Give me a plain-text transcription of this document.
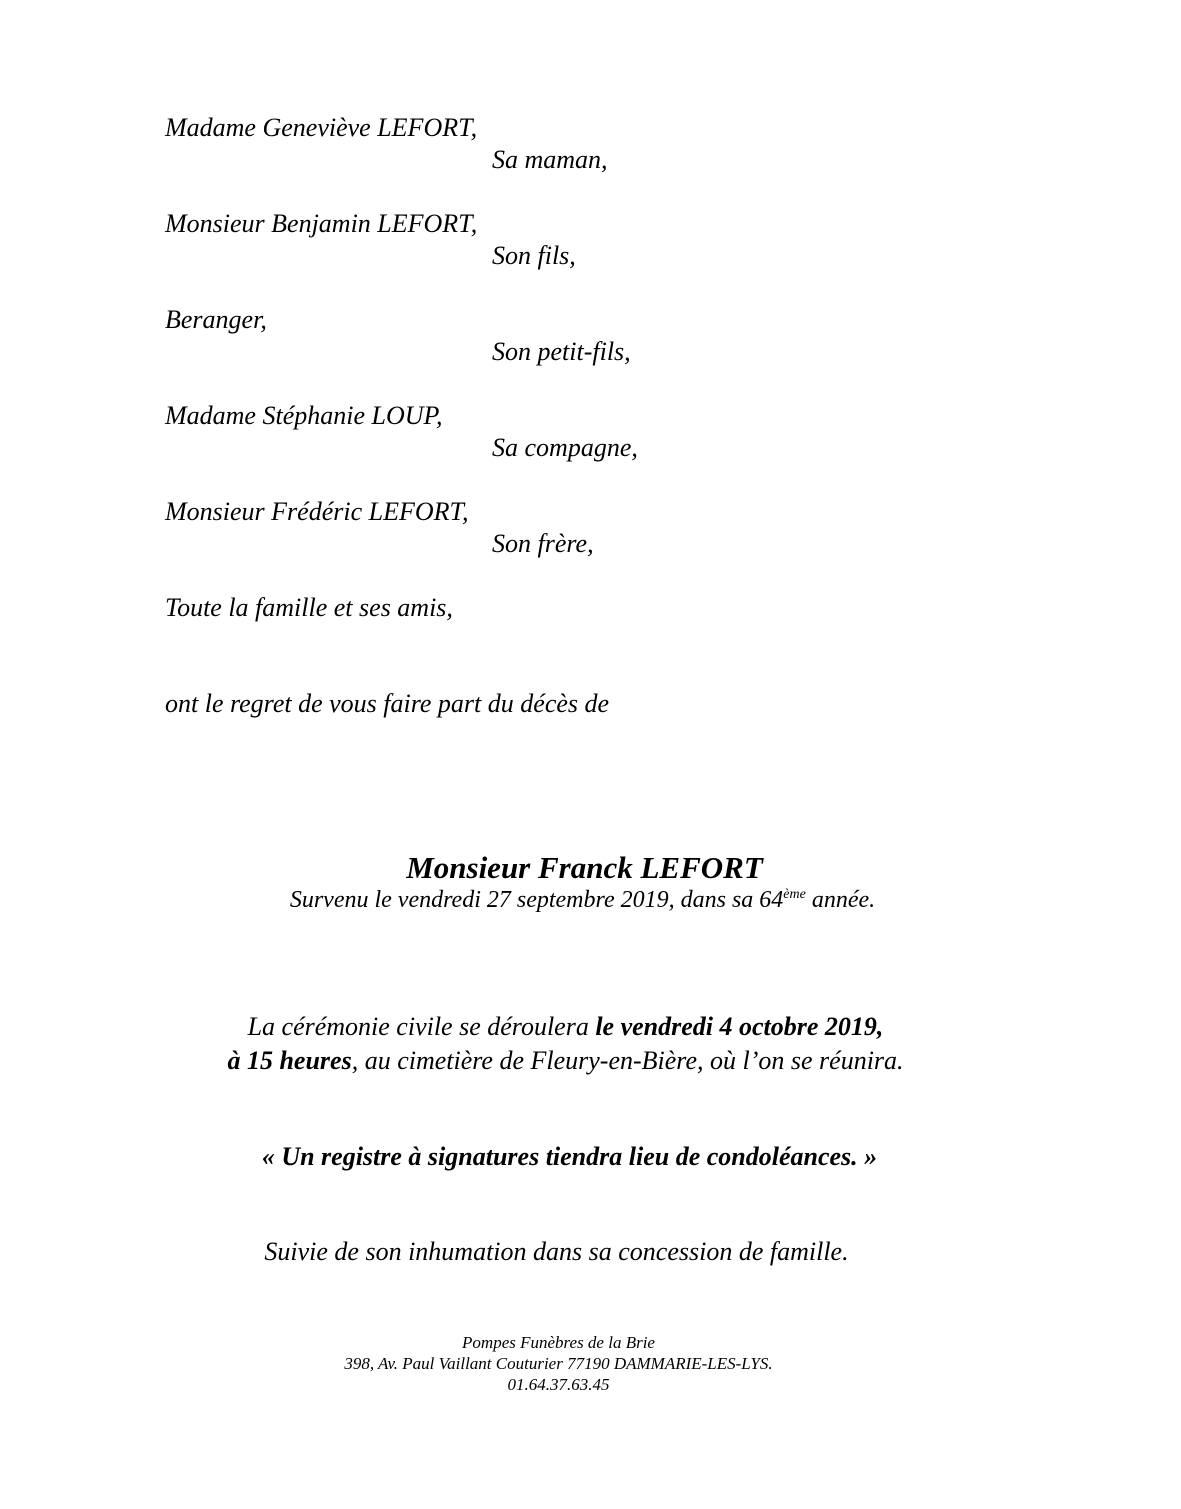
Madame Geneviève LEFORT,
Sa maman,
Monsieur Benjamin LEFORT,
Son fils,
Beranger,
Son petit-fils,
Madame Stéphanie LOUP,
Sa compagne,
Monsieur Frédéric LEFORT,
Son frère,
Toute la famille et ses amis,
ont le regret de vous faire part du décès de
Monsieur Franck LEFORT
Survenu le vendredi 27 septembre 2019, dans sa 64ème année.
La cérémonie civile se déroulera le vendredi 4 octobre 2019,
à 15 heures, au cimetière de Fleury-en-Bière, où l’on se réunira.
« Un registre à signatures tiendra lieu de condoléances. »
Suivie de son inhumation dans sa concession de famille.
Pompes Funèbres de la Brie
398, Av. Paul Vaillant Couturier 77190 DAMMARIE-LES-LYS.
01.64.37.63.45
